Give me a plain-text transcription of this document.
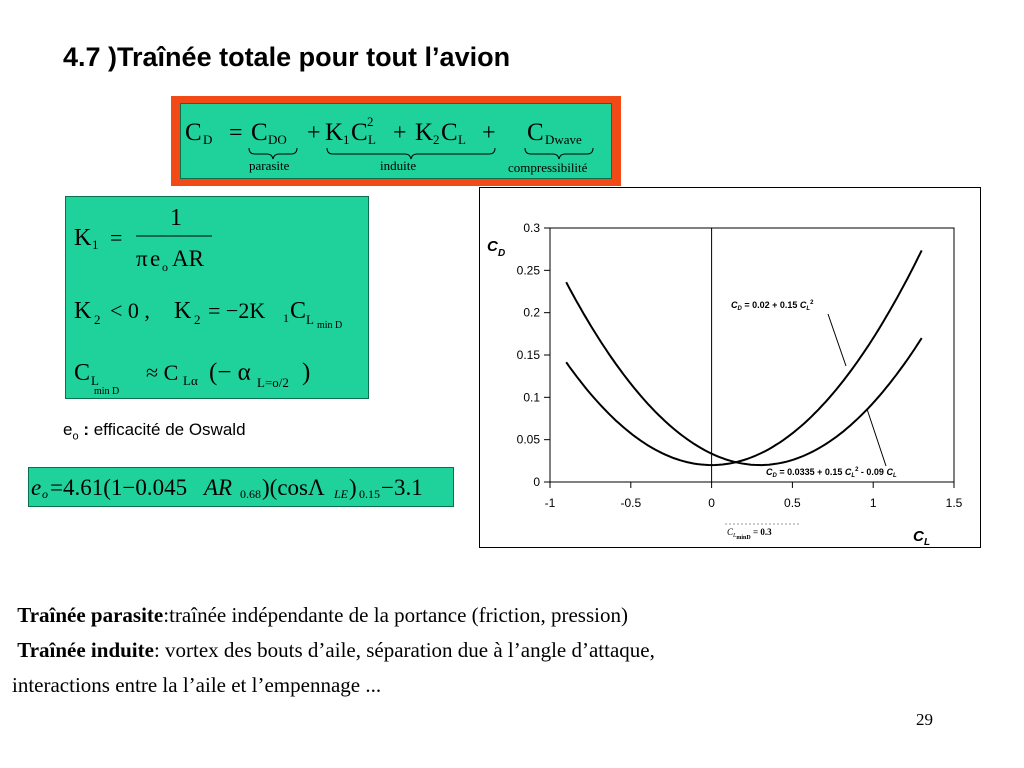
4.7 )Traînée totale pour tout l’avion
C D = C DO + K 1 C 2
L + K 2 C L + C Dwave
parasite	induite	compressibilité
K 1 =
1
π e o AR
K 2 < 0 , K 2 = −2K 1 C L min D
C L
min D
≈ C Lα (− α L=o/2 )
$e_o$ : efficacité de Oswald
e o =4.61(1−0.045 AR 0.68 )(cosΛ LE ) 0.15 −3.1	0
0.05
0.1
0.15
0.2
0.25
0.3
-1	-0.5	0	0.5	1	1.5
C D
C L
$C_D = 0.02 + 0.15$ $C_L^2$
$C_D = 0.0335 + 0.15$ $C_L^2 - 0.09$ $C_L$
$C_{LminD} = 0.3$
Traînée parasite:traînée indépendante de la portance (friction, pression)
Traînée induite: vortex des bouts d’aile, séparation due à l’angle d’attaque,
interactions entre la l’aile et l’empennage ...
29
